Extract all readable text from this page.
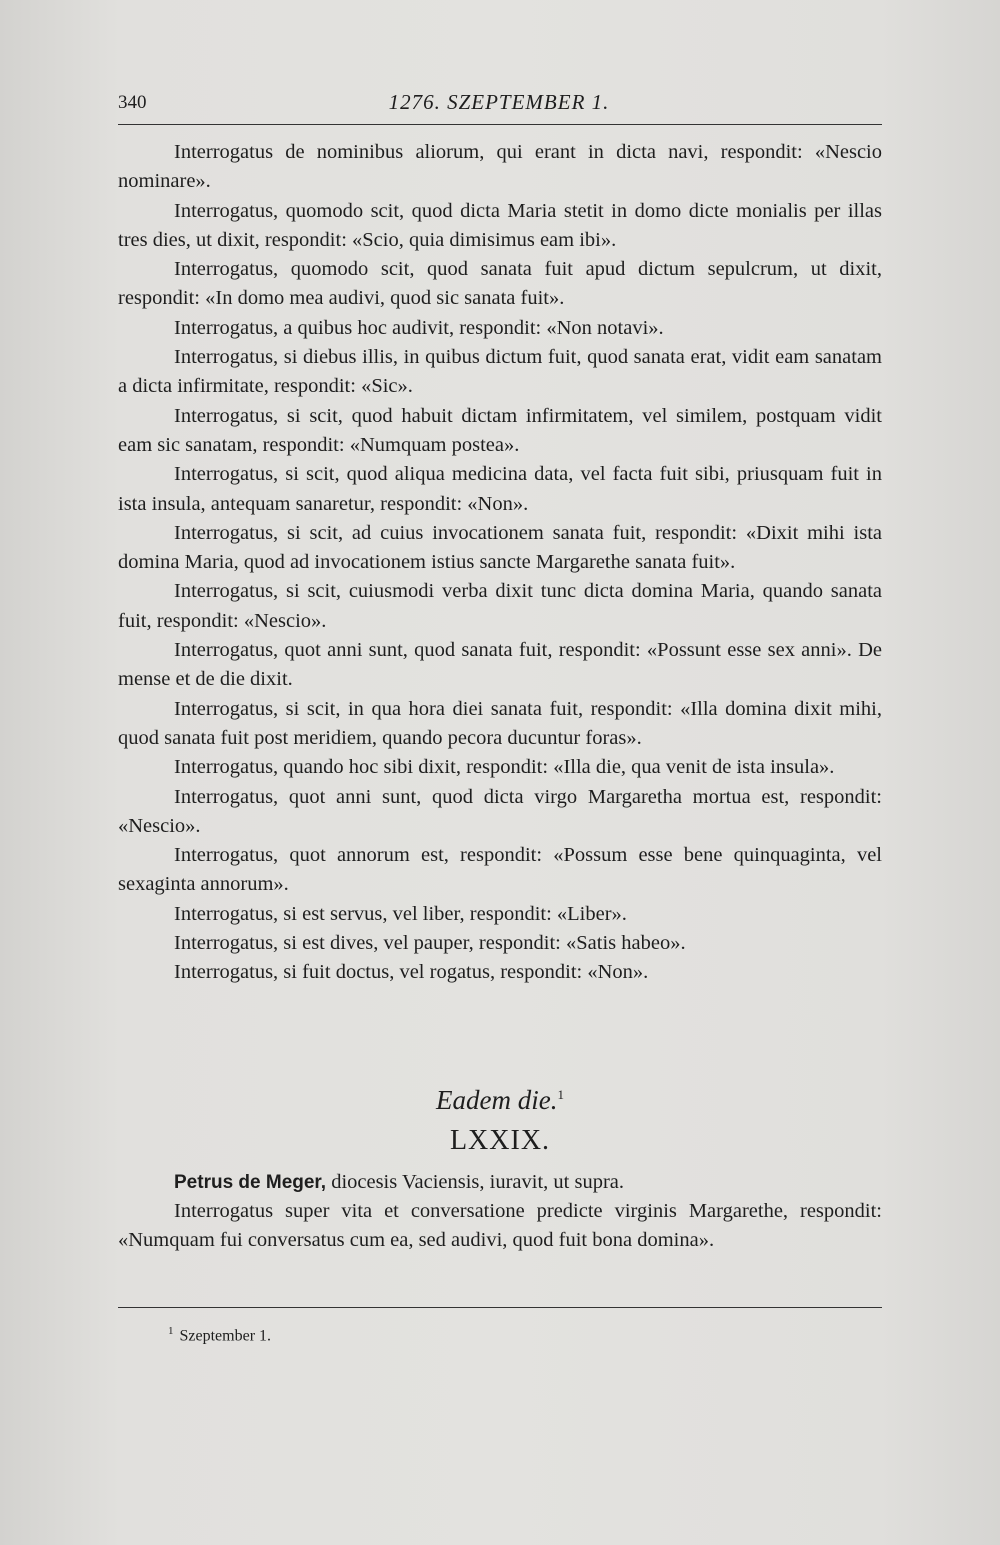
340	1276. SZEPTEMBER 1.

Interrogatus de nominibus aliorum, qui erant in dicta navi, respondit: «Nescio nominare».

Interrogatus, quomodo scit, quod dicta Maria stetit in domo dicte monialis per illas tres dies, ut dixit, respondit: «Scio, quia dimisimus eam ibi».

Interrogatus, quomodo scit, quod sanata fuit apud dictum sepulcrum, ut dixit, respondit: «In domo mea audivi, quod sic sanata fuit».

Interrogatus, a quibus hoc audivit, respondit: «Non notavi».

Interrogatus, si diebus illis, in quibus dictum fuit, quod sanata erat, vidit eam sanatam a dicta infirmitate, respondit: «Sic».

Interrogatus, si scit, quod habuit dictam infirmitatem, vel similem, postquam vidit eam sic sanatam, respondit: «Numquam postea».

Interrogatus, si scit, quod aliqua medicina data, vel facta fuit sibi, priusquam fuit in ista insula, antequam sanaretur, respondit: «Non».

Interrogatus, si scit, ad cuius invocationem sanata fuit, respondit: «Dixit mihi ista domina Maria, quod ad invocationem istius sancte Margarethe sanata fuit».

Interrogatus, si scit, cuiusmodi verba dixit tunc dicta domina Maria, quando sanata fuit, respondit: «Nescio».

Interrogatus, quot anni sunt, quod sanata fuit, respondit: «Possunt esse sex anni». De mense et de die dixit.

Interrogatus, si scit, in qua hora diei sanata fuit, respondit: «Illa domina dixit mihi, quod sanata fuit post meridiem, quando pecora ducuntur foras».

Interrogatus, quando hoc sibi dixit, respondit: «Illa die, qua venit de ista insula».

Interrogatus, quot anni sunt, quod dicta virgo Margaretha mortua est, respondit: «Nescio».

Interrogatus, quot annorum est, respondit: «Possum esse bene quinquaginta, vel sexaginta annorum».

Interrogatus, si est servus, vel liber, respondit: «Liber».

Interrogatus, si est dives, vel pauper, respondit: «Satis habeo».

Interrogatus, si fuit doctus, vel rogatus, respondit: «Non».

Eadem die.$^1$
LXXIX.

Petrus de Meger, diocesis Vaciensis, iuravit, ut supra.

Interrogatus super vita et conversatione predicte virginis Margarethe, respondit: «Numquam fui conversatus cum ea, sed audivi, quod fuit bona domina».

$^1$ Szeptember 1.
